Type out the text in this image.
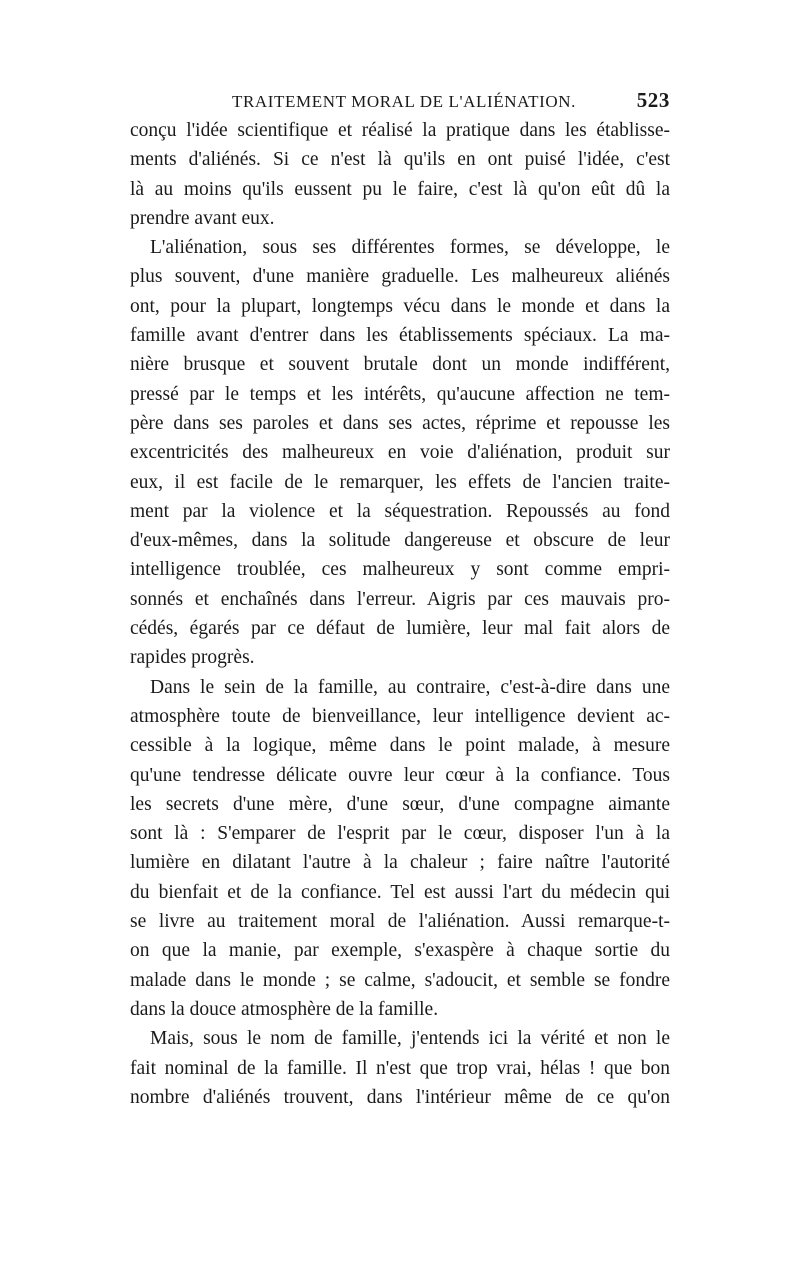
TRAITEMENT MORAL DE L'ALIÉNATION.	523
conçu l'idée scientifique et réalisé la pratique dans les établisse-
ments d'aliénés. Si ce n'est là qu'ils en ont puisé l'idée, c'est
là au moins qu'ils eussent pu le faire, c'est là qu'on eût dû la
prendre avant eux.
L'aliénation, sous ses différentes formes, se développe, le
plus souvent, d'une manière graduelle. Les malheureux aliénés
ont, pour la plupart, longtemps vécu dans le monde et dans la
famille avant d'entrer dans les établissements spéciaux. La ma-
nière brusque et souvent brutale dont un monde indifférent,
pressé par le temps et les intérêts, qu'aucune affection ne tem-
père dans ses paroles et dans ses actes, réprime et repousse les
excentricités des malheureux en voie d'aliénation, produit sur
eux, il est facile de le remarquer, les effets de l'ancien traite-
ment par la violence et la séquestration. Repoussés au fond
d'eux-mêmes, dans la solitude dangereuse et obscure de leur
intelligence troublée, ces malheureux y sont comme empri-
sonnés et enchaînés dans l'erreur. Aigris par ces mauvais pro-
cédés, égarés par ce défaut de lumière, leur mal fait alors de
rapides progrès.
Dans le sein de la famille, au contraire, c'est-à-dire dans une
atmosphère toute de bienveillance, leur intelligence devient ac-
cessible à la logique, même dans le point malade, à mesure
qu'une tendresse délicate ouvre leur cœur à la confiance. Tous
les secrets d'une mère, d'une sœur, d'une compagne aimante
sont là : S'emparer de l'esprit par le cœur, disposer l'un à la
lumière en dilatant l'autre à la chaleur ; faire naître l'autorité
du bienfait et de la confiance. Tel est aussi l'art du médecin qui
se livre au traitement moral de l'aliénation. Aussi remarque-t-
on que la manie, par exemple, s'exaspère à chaque sortie du
malade dans le monde ; se calme, s'adoucit, et semble se fondre
dans la douce atmosphère de la famille.
Mais, sous le nom de famille, j'entends ici la vérité et non le
fait nominal de la famille. Il n'est que trop vrai, hélas ! que bon
nombre d'aliénés trouvent, dans l'intérieur même de ce qu'on
